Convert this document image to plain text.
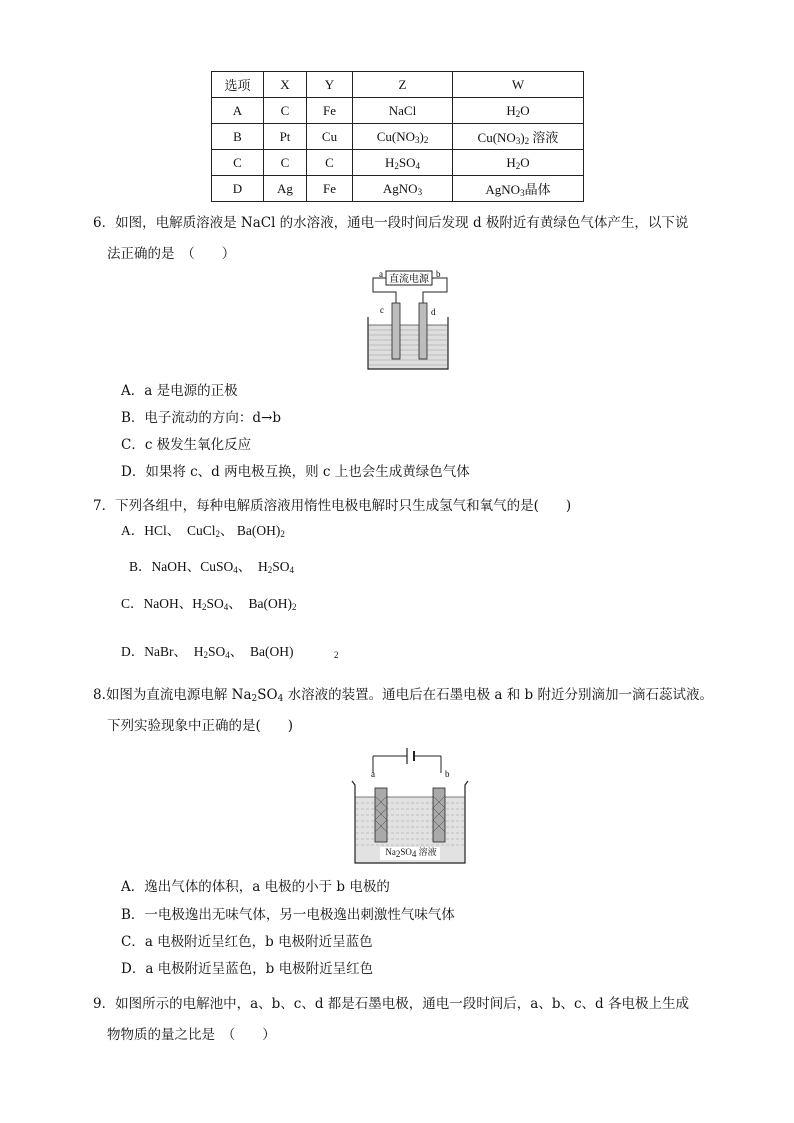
选项	X	Y	Z	W
A	C	Fe	NaCl	$H_2O$
B	Pt	Cu	$Cu(NO_3)_2$	$Cu(NO_3)_2$ 溶液
C	C	C	$H_2SO_4$	$H_2O$
D	Ag	Fe	AgNO$_3$	AgNO$_3$晶体
6．如图，电解质溶液是 NaCl 的水溶液，通电一段时间后发现 d 极附近有黄绿色气体产生，以下说
法正确的是　（　　）
直流电源
a	b
c	d
A．a 是电源的正极
B．电子流动的方向：d→b
C．c 极发生氧化反应
D．如果将 c、d 两电极互换，则 c 上也会生成黄绿色气体
7．下列各组中，每种电解质溶液用惰性电极电解时只生成氢气和氧气的是(　　)
A．HCl、　CuCl$_2$、 $Ba(OH)_2$
B．NaOH、CuSO$_4$、　$H_2SO_4$
C．NaOH、$H_2SO_4$、　$Ba(OH)_2$
D．NaBr、　$H_2SO_4$、　Ba(OH)　　　$_2$
8.如图为直流电源电解 $Na_2SO_4$ 水溶液的装置。通电后在石墨电极 a 和 b 附近分别滴加一滴石蕊试液。
下列实验现象中正确的是(　　)
a	b
$Na_2SO_4$ 溶液
A．逸出气体的体积，a 电极的小于 b 电极的
B．一电极逸出无味气体，另一电极逸出刺激性气味气体
C．a 电极附近呈红色，b 电极附近呈蓝色
D．a 电极附近呈蓝色，b 电极附近呈红色
9．如图所示的电解池中，a、b、c、d 都是石墨电极，通电一段时间后，a、b、c、d 各电极上生成
物物质的量之比是　（　　）
